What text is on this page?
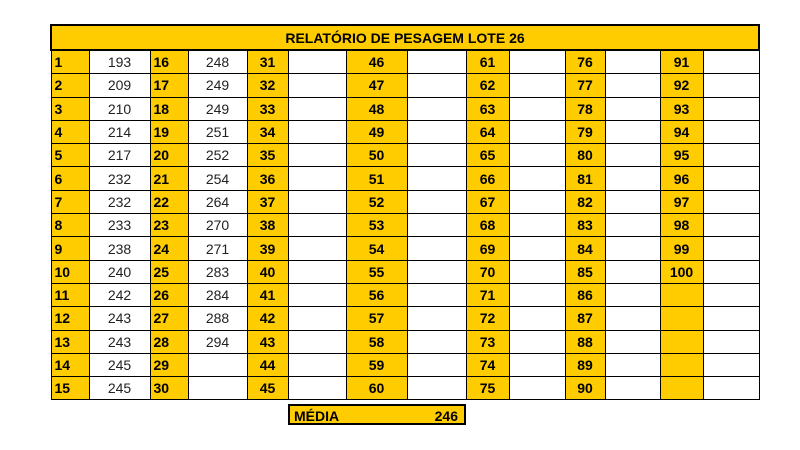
RELATÓRIO DE PESAGEM LOTE 26													
1	193	16	248	31		46		61		76		91	
2	209	17	249	32		47		62		77		92	
3	210	18	249	33		48		63		78		93	
4	214	19	251	34		49		64		79		94	
5	217	20	252	35		50		65		80		95	
6	232	21	254	36		51		66		81		96	
7	232	22	264	37		52		67		82		97	
8	233	23	270	38		53		68		83		98	
9	238	24	271	39		54		69		84		99	
10	240	25	283	40		55		70		85		100	
11	242	26	284	41		56		71		86			
12	243	27	288	42		57		72		87			
13	243	28	294	43		58		73		88			
14	245	29		44		59		74		89			
15	245	30		45		60		75		90			
MÉDIA	246
